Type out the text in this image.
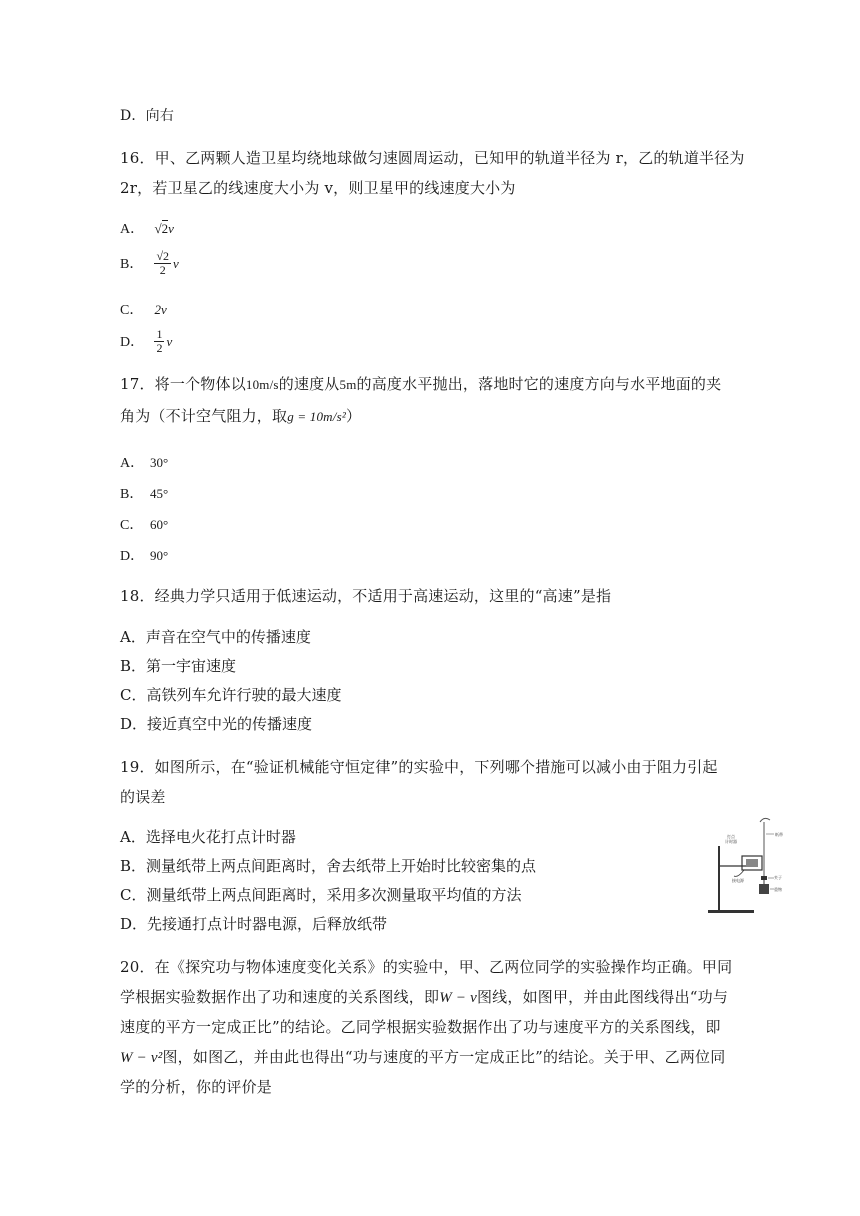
D．向右
16．甲、乙两颗人造卫星均绕地球做匀速圆周运动，已知甲的轨道半径为 r，乙的轨道半径为
2r，若卫星乙的线速度大小为 v，则卫星甲的线速度大小为
A． √2v
B． $\frac{√2}{2}$ v
C． 2v
D． $\frac{1}{2}$ v
17．将一个物体以10m/s的速度从5m的高度水平抛出，落地时它的速度方向与水平地面的夹
角为（不计空气阻力，取g = 10m/s²）
A． 30°
B． 45°
C． 60°
D． 90°
18．经典力学只适用于低速运动，不适用于高速运动，这里的“高速”是指
A．声音在空气中的传播速度
B．第一宇宙速度
C．高铁列车允许行驶的最大速度
D．接近真空中光的传播速度
19．如图所示，在“验证机械能守恒定律”的实验中，下列哪个措施可以减小由于阻力引起
的误差
A．选择电火花打点计时器
B．测量纸带上两点间距离时，舍去纸带上开始时比较密集的点
C．测量纸带上两点间距离时，采用多次测量取平均值的方法
D．先接通打点计时器电源，后释放纸带
打点计时器
纸带
接电源
夹子
重物
20．在《探究功与物体速度变化关系》的实验中，甲、乙两位同学的实验操作均正确。甲同
学根据实验数据作出了功和速度的关系图线，即W − v图线，如图甲，并由此图线得出“功与
速度的平方一定成正比”的结论。乙同学根据实验数据作出了功与速度平方的关系图线，即
W − v²图，如图乙，并由此也得出“功与速度的平方一定成正比”的结论。关于甲、乙两位同
学的分析，你的评价是
